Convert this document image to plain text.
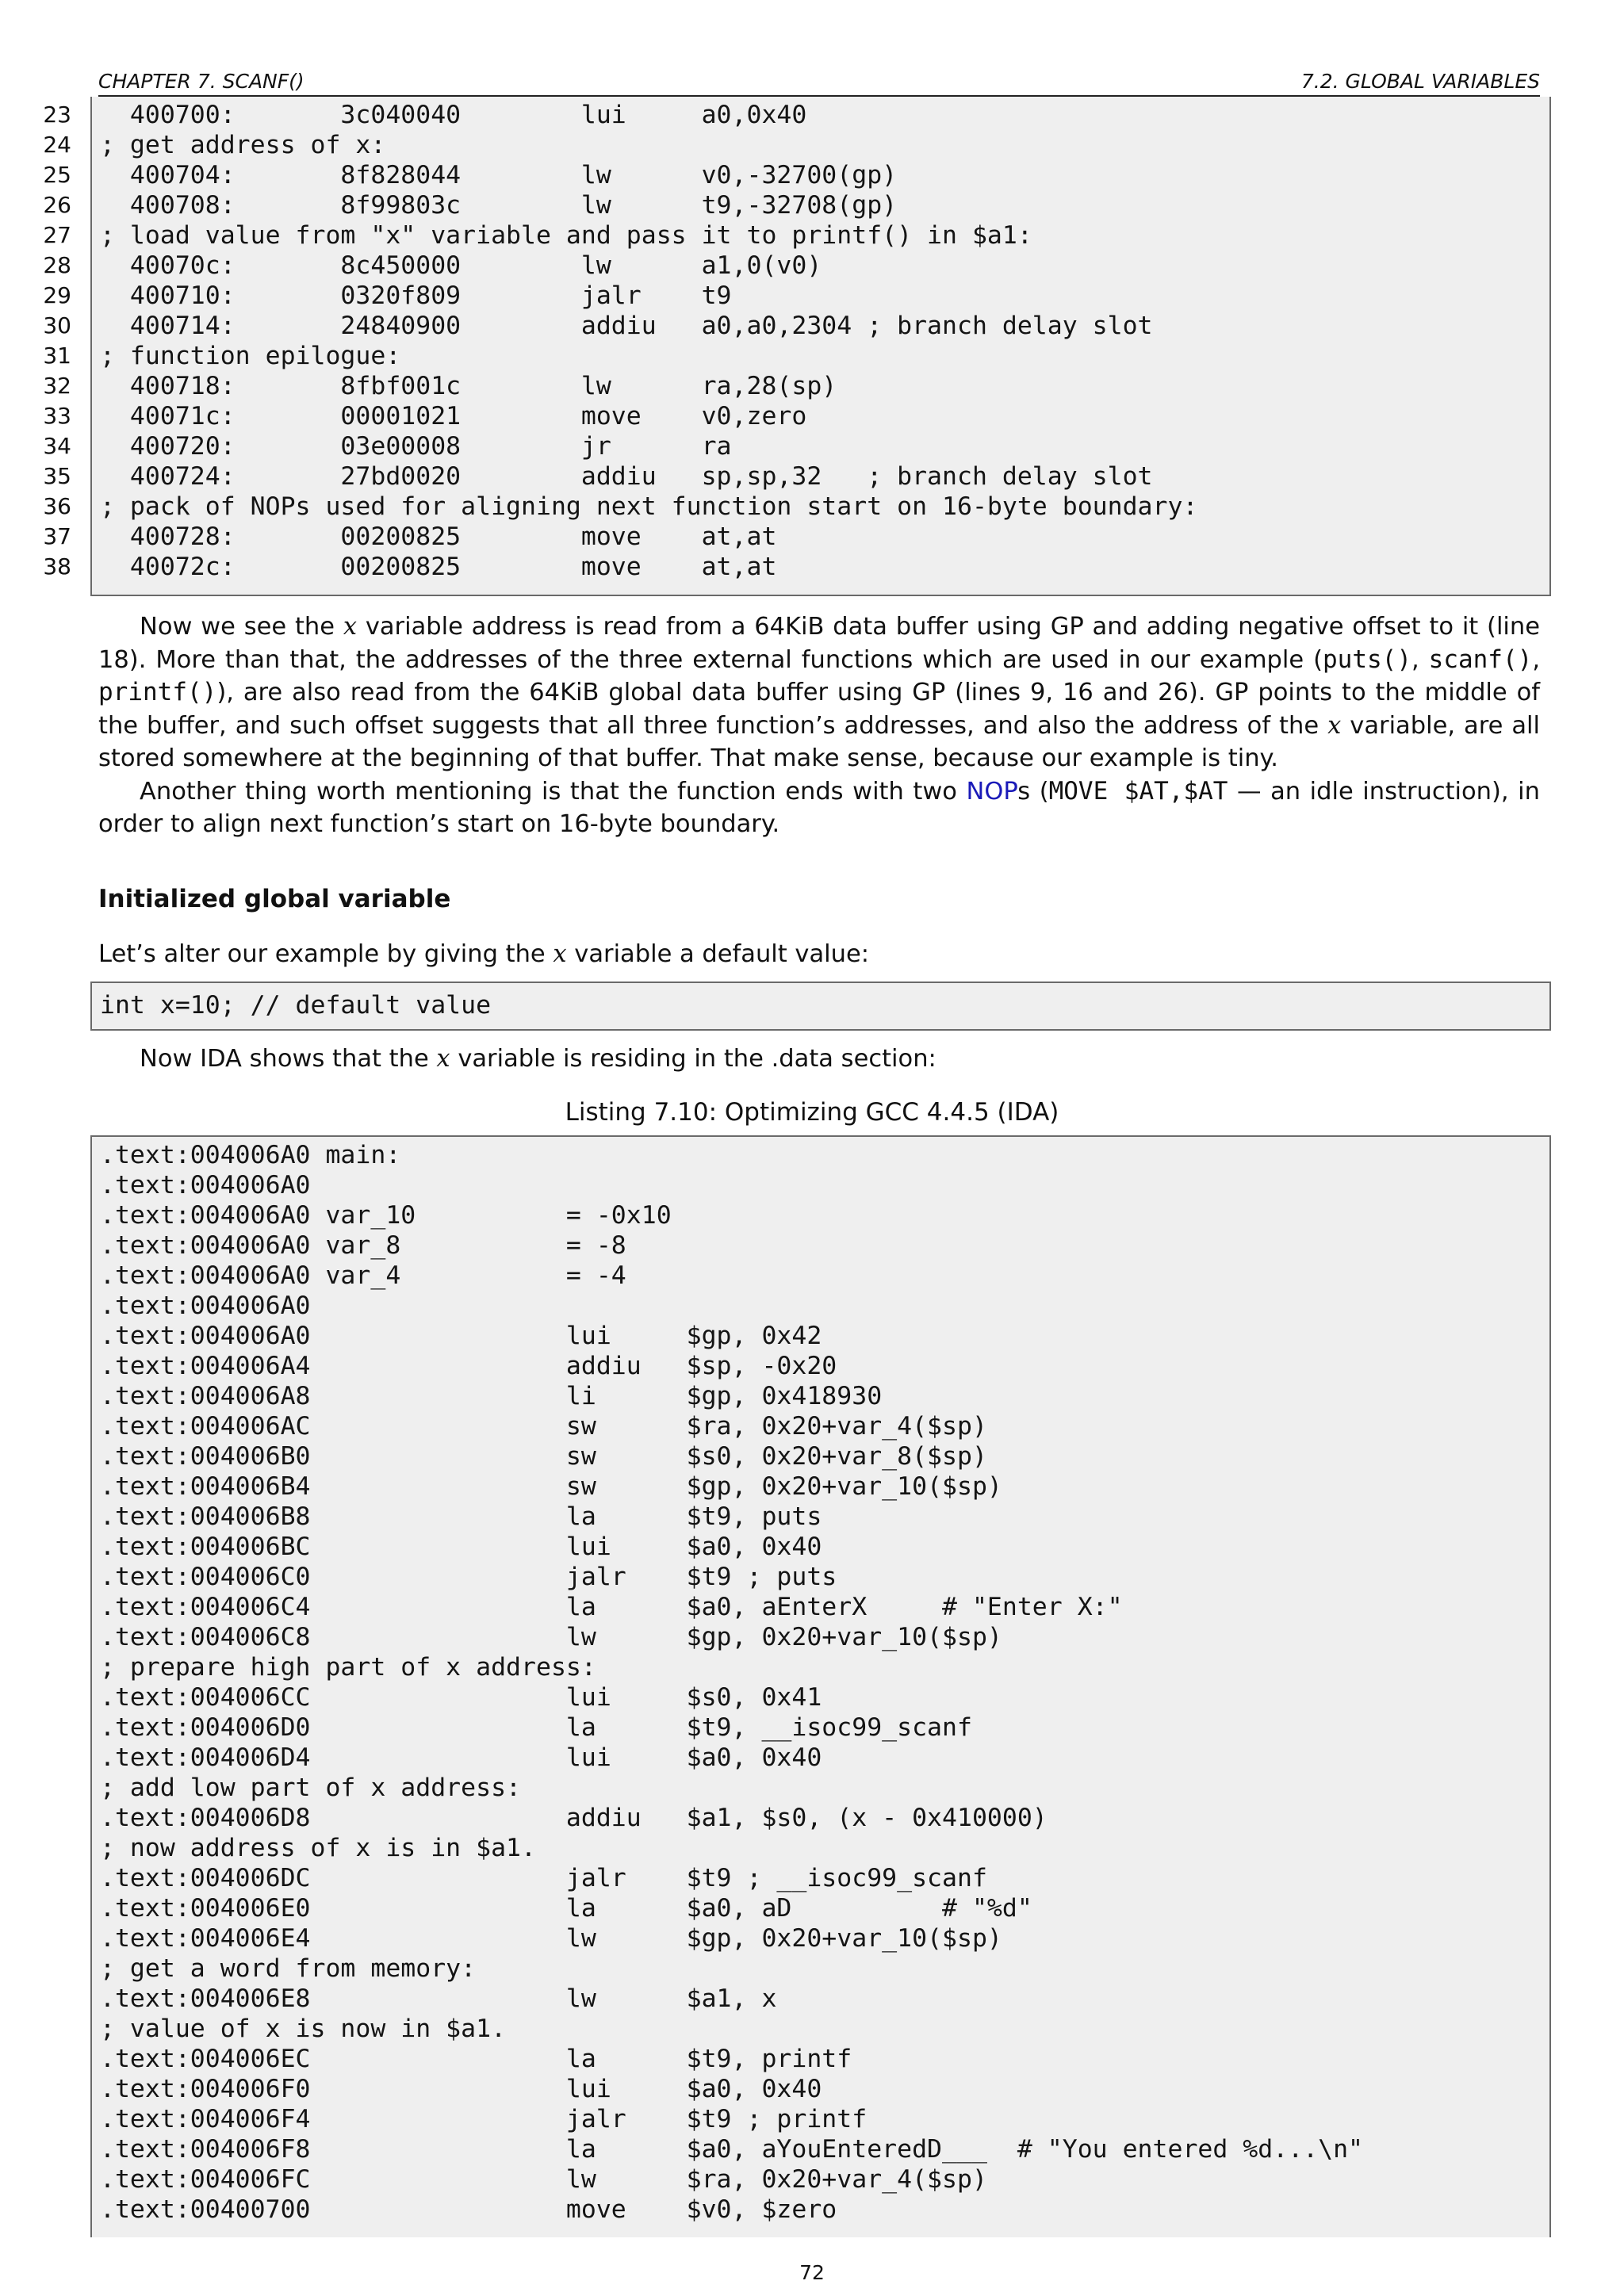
CHAPTER 7. SCANF()	7.2. GLOBAL VARIABLES
23
24
25
26
27
28
29
30
31
32
33
34
35
36
37
38
400700:       3c040040        lui     a0,0x40
; get address of x:
400704:       8f828044        lw      v0,-32700(gp)
400708:       8f99803c        lw      t9,-32708(gp)
; load value from "x" variable and pass it to printf() in $a1:
40070c:       8c450000        lw      a1,0(v0)
400710:       0320f809        jalr    t9
400714:       24840900        addiu   a0,a0,2304 ; branch delay slot
; function epilogue:
400718:       8fbf001c        lw      ra,28(sp)
40071c:       00001021        move    v0,zero
400720:       03e00008        jr      ra
400724:       27bd0020        addiu   sp,sp,32   ; branch delay slot
; pack of NOPs used for aligning next function start on 16-byte boundary:
400728:       00200825        move    at,at
40072c:       00200825        move    at,at

Now we see the x variable address is read from a 64KiB data buffer using GP and adding negative offset to it (line 18). More than that, the addresses of the three external functions which are used in our example (puts(), scanf(), printf()), are also read from the 64KiB global data buffer using GP (lines 9, 16 and 26). GP points to the middle of the buffer, and such offset suggests that all three function’s addresses, and also the address of the x variable, are all stored somewhere at the beginning of that buffer. That make sense, because our example is tiny.

Another thing worth mentioning is that the function ends with two NOPs (MOVE $AT,$AT — an idle instruction), in order to align next function’s start on 16-byte boundary.

Initialized global variable
Let’s alter our example by giving the x variable a default value:
int x=10; // default value

Now IDA shows that the x variable is residing in the .data section:

Listing 7.10: Optimizing GCC 4.4.5 (IDA)
.text:004006A0 main:
.text:004006A0
.text:004006A0 var_10          = -0x10
.text:004006A0 var_8           = -8
.text:004006A0 var_4           = -4
.text:004006A0
.text:004006A0                 lui     $gp, 0x42
.text:004006A4                 addiu   $sp, -0x20
.text:004006A8                 li      $gp, 0x418930
.text:004006AC                 sw      $ra, 0x20+var_4($sp)
.text:004006B0                 sw      $s0, 0x20+var_8($sp)
.text:004006B4                 sw      $gp, 0x20+var_10($sp)
.text:004006B8                 la      $t9, puts
.text:004006BC                 lui     $a0, 0x40
.text:004006C0                 jalr    $t9 ; puts
.text:004006C4                 la      $a0, aEnterX     # "Enter X:"
.text:004006C8                 lw      $gp, 0x20+var_10($sp)
; prepare high part of x address:
.text:004006CC                 lui     $s0, 0x41
.text:004006D0                 la      $t9, __isoc99_scanf
.text:004006D4                 lui     $a0, 0x40
; add low part of x address:
.text:004006D8                 addiu   $a1, $s0, (x - 0x410000)
; now address of x is in $a1.
.text:004006DC                 jalr    $t9 ; __isoc99_scanf
.text:004006E0                 la      $a0, aD          # "%d"
.text:004006E4                 lw      $gp, 0x20+var_10($sp)
; get a word from memory:
.text:004006E8                 lw      $a1, x
; value of x is now in $a1.
.text:004006EC                 la      $t9, printf
.text:004006F0                 lui     $a0, 0x40
.text:004006F4                 jalr    $t9 ; printf
.text:004006F8                 la      $a0, aYouEnteredD___  # "You entered %d...\n"
.text:004006FC                 lw      $ra, 0x20+var_4($sp)
.text:00400700                 move    $v0, $zero
72
